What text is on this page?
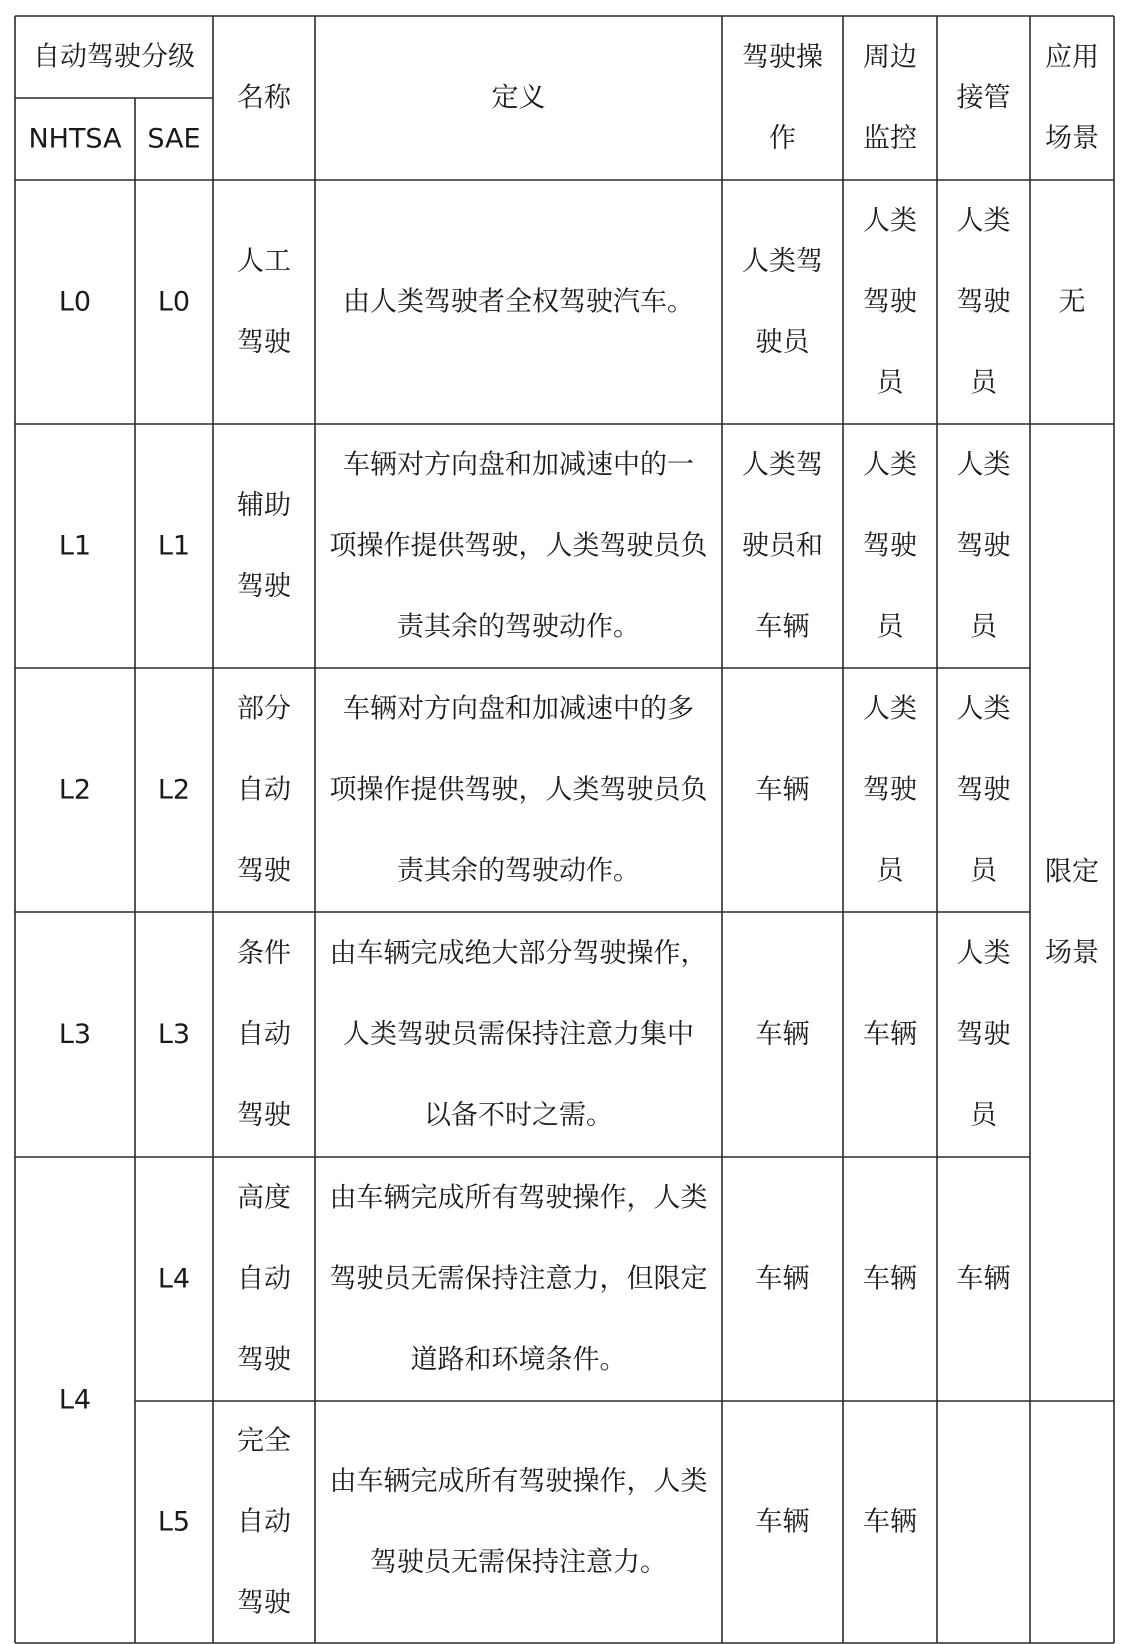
自动驾驶分级
NHTSA SAE
名称	定义
驾驶操
作
周边
监控
接管
应用
场景
L0 L0
人工
驾驶
由人类驾驶者全权驾驶汽车。
人类驾
驶员
人类
驾驶
员
人类
驾驶
员
无
L1 L1
辅助
驾驶
车辆对方向盘和加减速中的一
项操作提供驾驶，人类驾驶员负
责其余的驾驶动作。
人类驾
驶员和
车辆
人类
驾驶
员
人类
驾驶
员
L2 L2
部分
自动
驾驶
车辆对方向盘和加减速中的多
项操作提供驾驶，人类驾驶员负
责其余的驾驶动作。
车辆
人类
驾驶
员
人类
驾驶
员
L3 L3
条件
自动
驾驶
由车辆完成绝大部分驾驶操作，
人类驾驶员需保持注意力集中
以备不时之需。
车辆 车辆
人类
驾驶
员
L4
L4
高度
自动
驾驶
由车辆完成所有驾驶操作，人类
驾驶员无需保持注意力，但限定
道路和环境条件。
车辆 车辆 车辆
L5
完全
自动
驾驶
由车辆完成所有驾驶操作，人类
驾驶员无需保持注意力。
车辆 车辆
限定
场景
